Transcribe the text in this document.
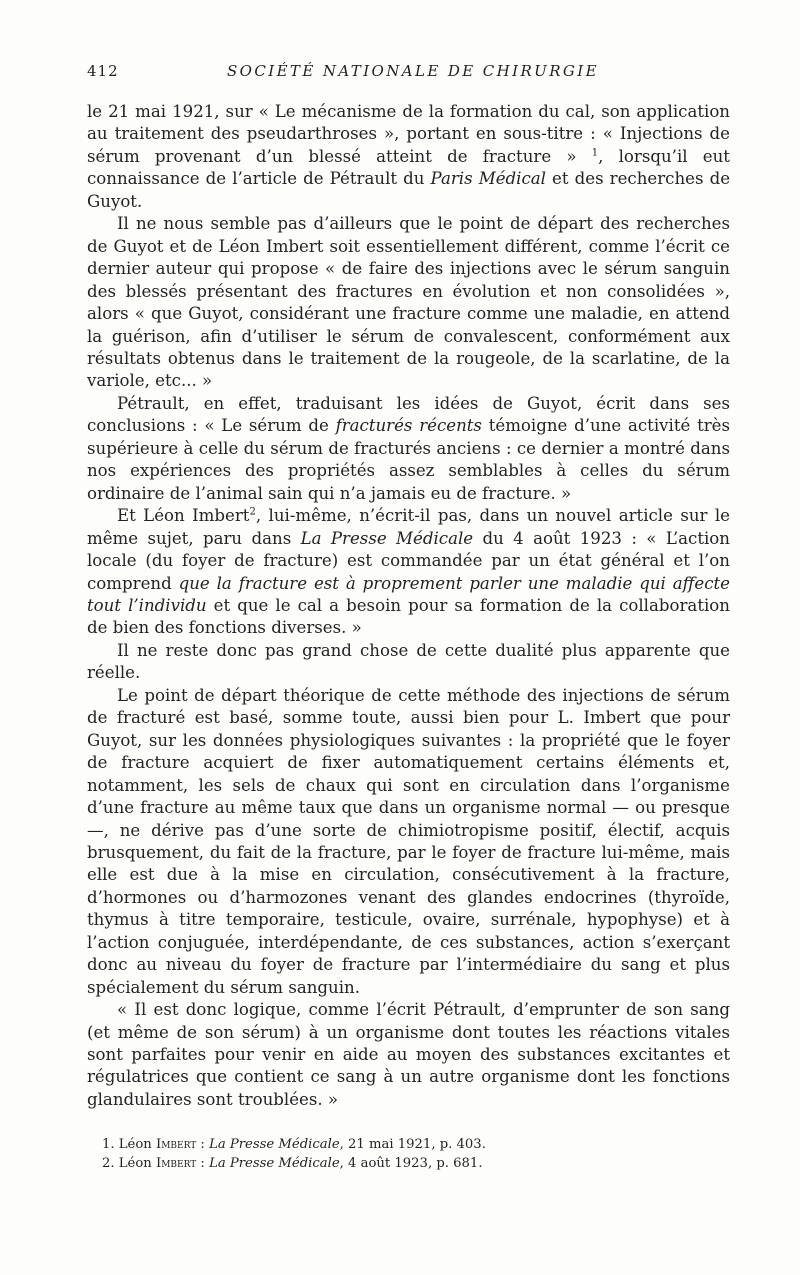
412	SOCIÉTÉ NATIONALE DE CHIRURGIE

le 21 mai 1921, sur « Le mécanisme de la formation du cal, son application au traitement des pseudarthroses », portant en sous-titre : « Injections de sérum provenant d’un blessé atteint de fracture » $^1$, lorsqu’il eut connaissance de l’article de Pétrault du Paris Médical et des recherches de Guyot.

Il ne nous semble pas d’ailleurs que le point de départ des recherches de Guyot et de Léon Imbert soit essentiellement différent, comme l’écrit ce dernier auteur qui propose « de faire des injections avec le sérum sanguin des blessés présentant des fractures en évolution et non consolidées », alors « que Guyot, considérant une fracture comme une maladie, en attend la guérison, afin d’utiliser le sérum de convalescent, conformément aux résultats obtenus dans le traitement de la rougeole, de la scarlatine, de la variole, etc... »

Pétrault, en effet, traduisant les idées de Guyot, écrit dans ses conclusions : « Le sérum de fracturés récents témoigne d’une activité très supérieure à celle du sérum de fracturés anciens : ce dernier a montré dans nos expériences des propriétés assez semblables à celles du sérum ordinaire de l’animal sain qui n’a jamais eu de fracture. »

Et Léon Imbert$^2$, lui-même, n’écrit-il pas, dans un nouvel article sur le même sujet, paru dans La Presse Médicale du 4 août 1923 : « L’action locale (du foyer de fracture) est commandée par un état général et l’on comprend que la fracture est à proprement parler une maladie qui affecte tout l’individu et que le cal a besoin pour sa formation de la collaboration de bien des fonctions diverses. »

Il ne reste donc pas grand chose de cette dualité plus apparente que réelle.

Le point de départ théorique de cette méthode des injections de sérum de fracturé est basé, somme toute, aussi bien pour L. Imbert que pour Guyot, sur les données physiologiques suivantes : la propriété que le foyer de fracture acquiert de fixer automatiquement certains éléments et, notamment, les sels de chaux qui sont en circulation dans l’organisme d’une fracture au même taux que dans un organisme normal — ou presque —, ne dérive pas d’une sorte de chimiotropisme positif, électif, acquis brusquement, du fait de la fracture, par le foyer de fracture lui-même, mais elle est due à la mise en circulation, consécutivement à la fracture, d’hormones ou d’harmozones venant des glandes endocrines (thyroïde, thymus à titre temporaire, testicule, ovaire, surrénale, hypophyse) et à l’action conjuguée, interdépendante, de ces substances, action s’exerçant donc au niveau du foyer de fracture par l’intermédiaire du sang et plus spécialement du sérum sanguin.

« Il est donc logique, comme l’écrit Pétrault, d’emprunter de son sang (et même de son sérum) à un organisme dont toutes les réactions vitales sont parfaites pour venir en aide au moyen des substances excitantes et régulatrices que contient ce sang à un autre organisme dont les fonctions glandulaires sont troublées. »

1. Léon Imbert : La Presse Médicale, 21 mai 1921, p. 403.

2. Léon Imbert : La Presse Médicale, 4 août 1923, p. 681.
